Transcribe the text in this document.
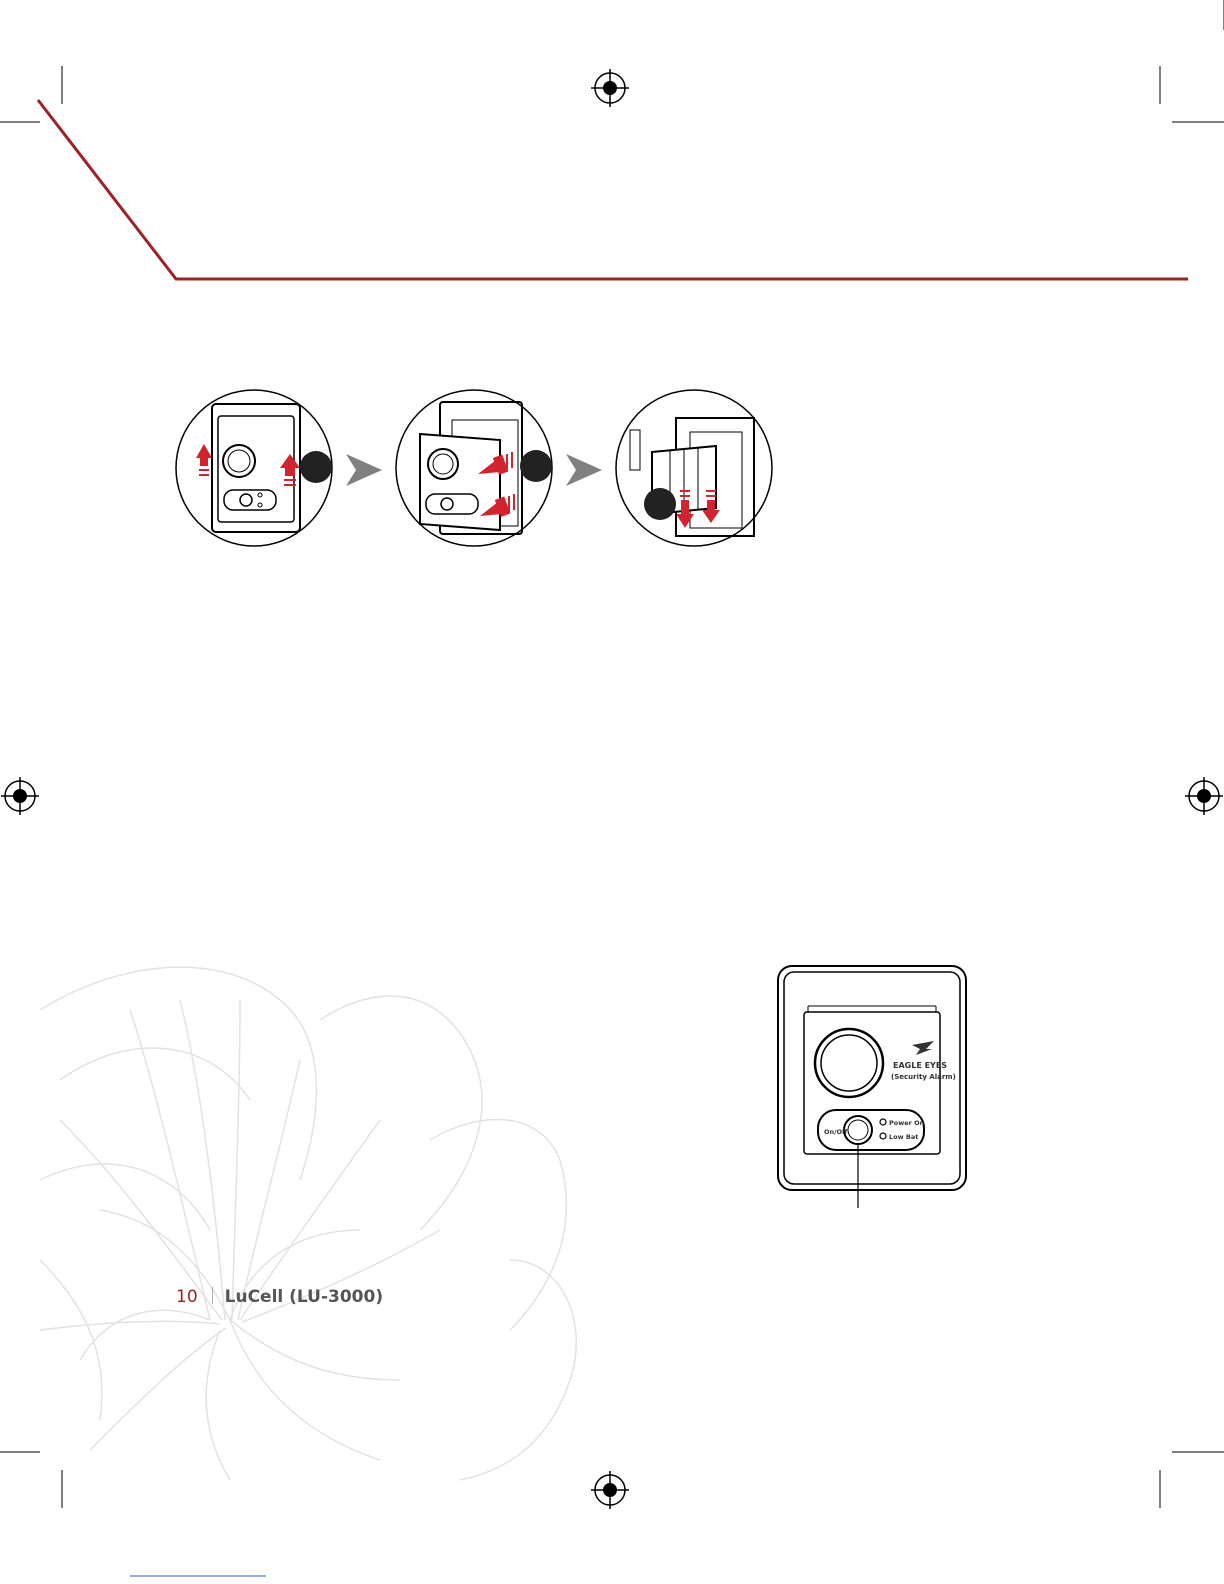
EAGLE EYES
(Security Alarm)
On/Off
Power On
Low Bat
10 LuCell (LU-3000)
